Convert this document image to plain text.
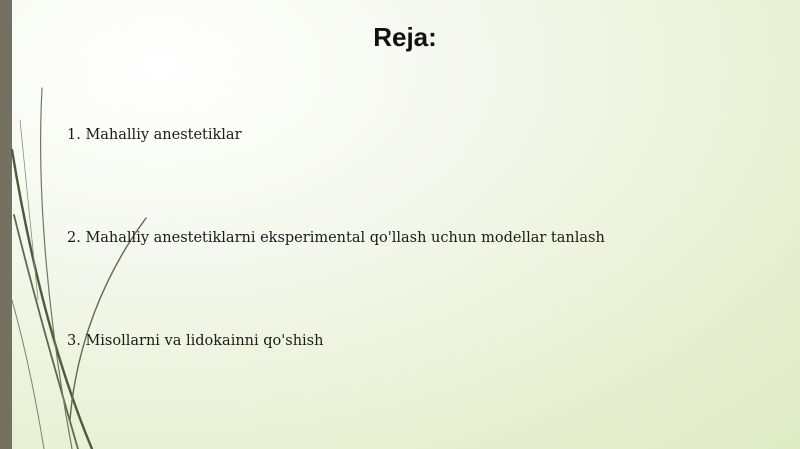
Reja:
1. Mahalliy anestetiklar
2. Mahalliy anestetiklarni eksperimental qo'llash uchun modellar tanlash
3. Misollarni va lidokainni qo'shish
